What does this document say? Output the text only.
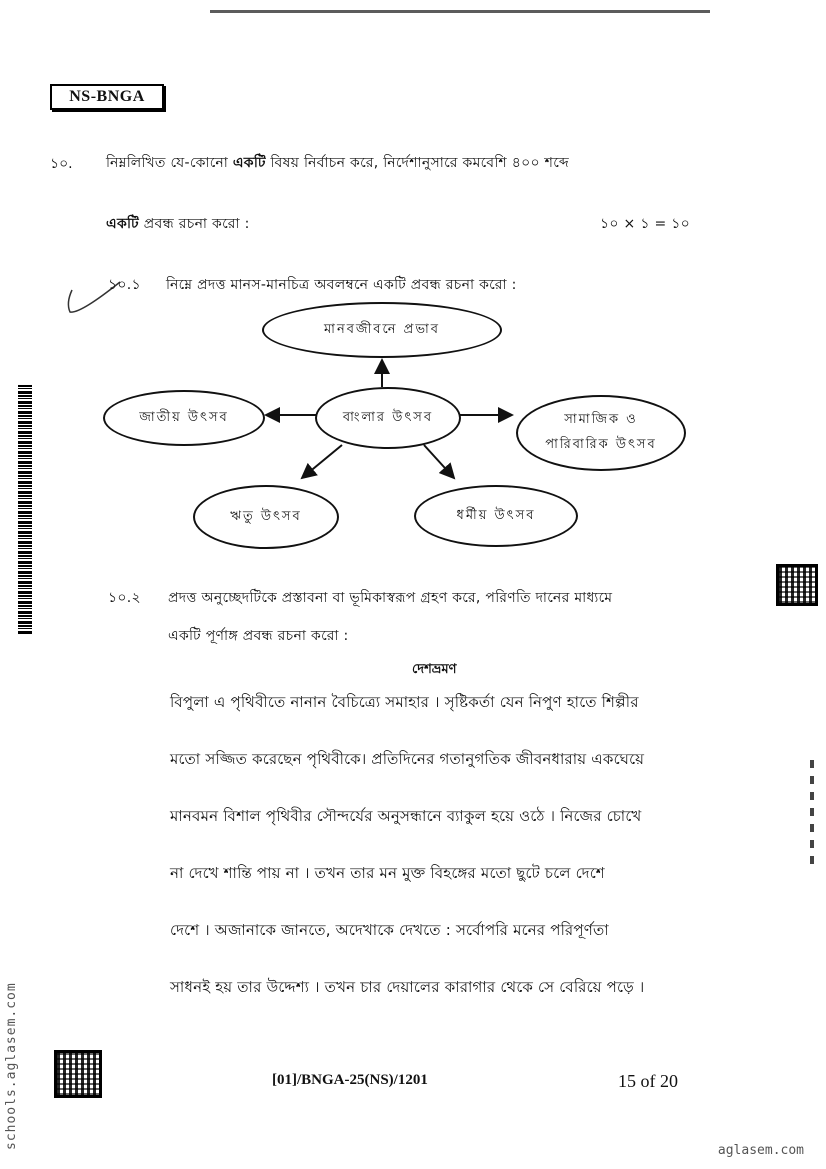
NS-BNGA
১০. নিম্নলিখিত যে-কোনো একটি বিষয় নির্বাচন করে, নির্দেশানুসারে কমবেশি ৪০০ শব্দে
একটি প্রবন্ধ রচনা করো :	১০ × ১ = ১০
১০.১ নিম্নে প্রদত্ত মানস-মানচিত্র অবলম্বনে একটি প্রবন্ধ রচনা করো :
মানবজীবনে প্রভাব
জাতীয় উৎসব	বাংলার উৎসব	সামাজিক ও
পারিবারিক উৎসব
ঋতু উৎসব	ধর্মীয় উৎসব
১০.২ প্রদত্ত অনুচ্ছেদটিকে প্রস্তাবনা বা ভূমিকাস্বরূপ গ্রহণ করে, পরিণতি দানের মাধ্যমে
একটি পূর্ণাঙ্গ প্রবন্ধ রচনা করো :
দেশভ্রমণ

বিপুলা এ পৃথিবীতে নানান বৈচিত্র্যে সমাহার । সৃষ্টিকর্তা যেন নিপুণ হাতে শিল্পীর

মতো সজ্জিত করেছেন পৃথিবীকে। প্রতিদিনের গতানুগতিক জীবনধারায় একঘেয়ে

মানবমন বিশাল পৃথিবীর সৌন্দর্যের অনুসন্ধানে ব্যাকুল হয়ে ওঠে । নিজের চোখে

না দেখে শান্তি পায় না । তখন তার মন মুক্ত বিহঙ্গের মতো ছুটে চলে দেশে

দেশে । অজানাকে জানতে, অদেখাকে দেখতে : সর্বোপরি মনের পরিপূর্ণতা

সাধনই হয় তার উদ্দেশ্য । তখন চার দেয়ালের কারাগার থেকে সে বেরিয়ে পড়ে ।

[01]/BNGA-25(NS)/1201	15 of 20
schools.aglasem.com
aglasem.com
